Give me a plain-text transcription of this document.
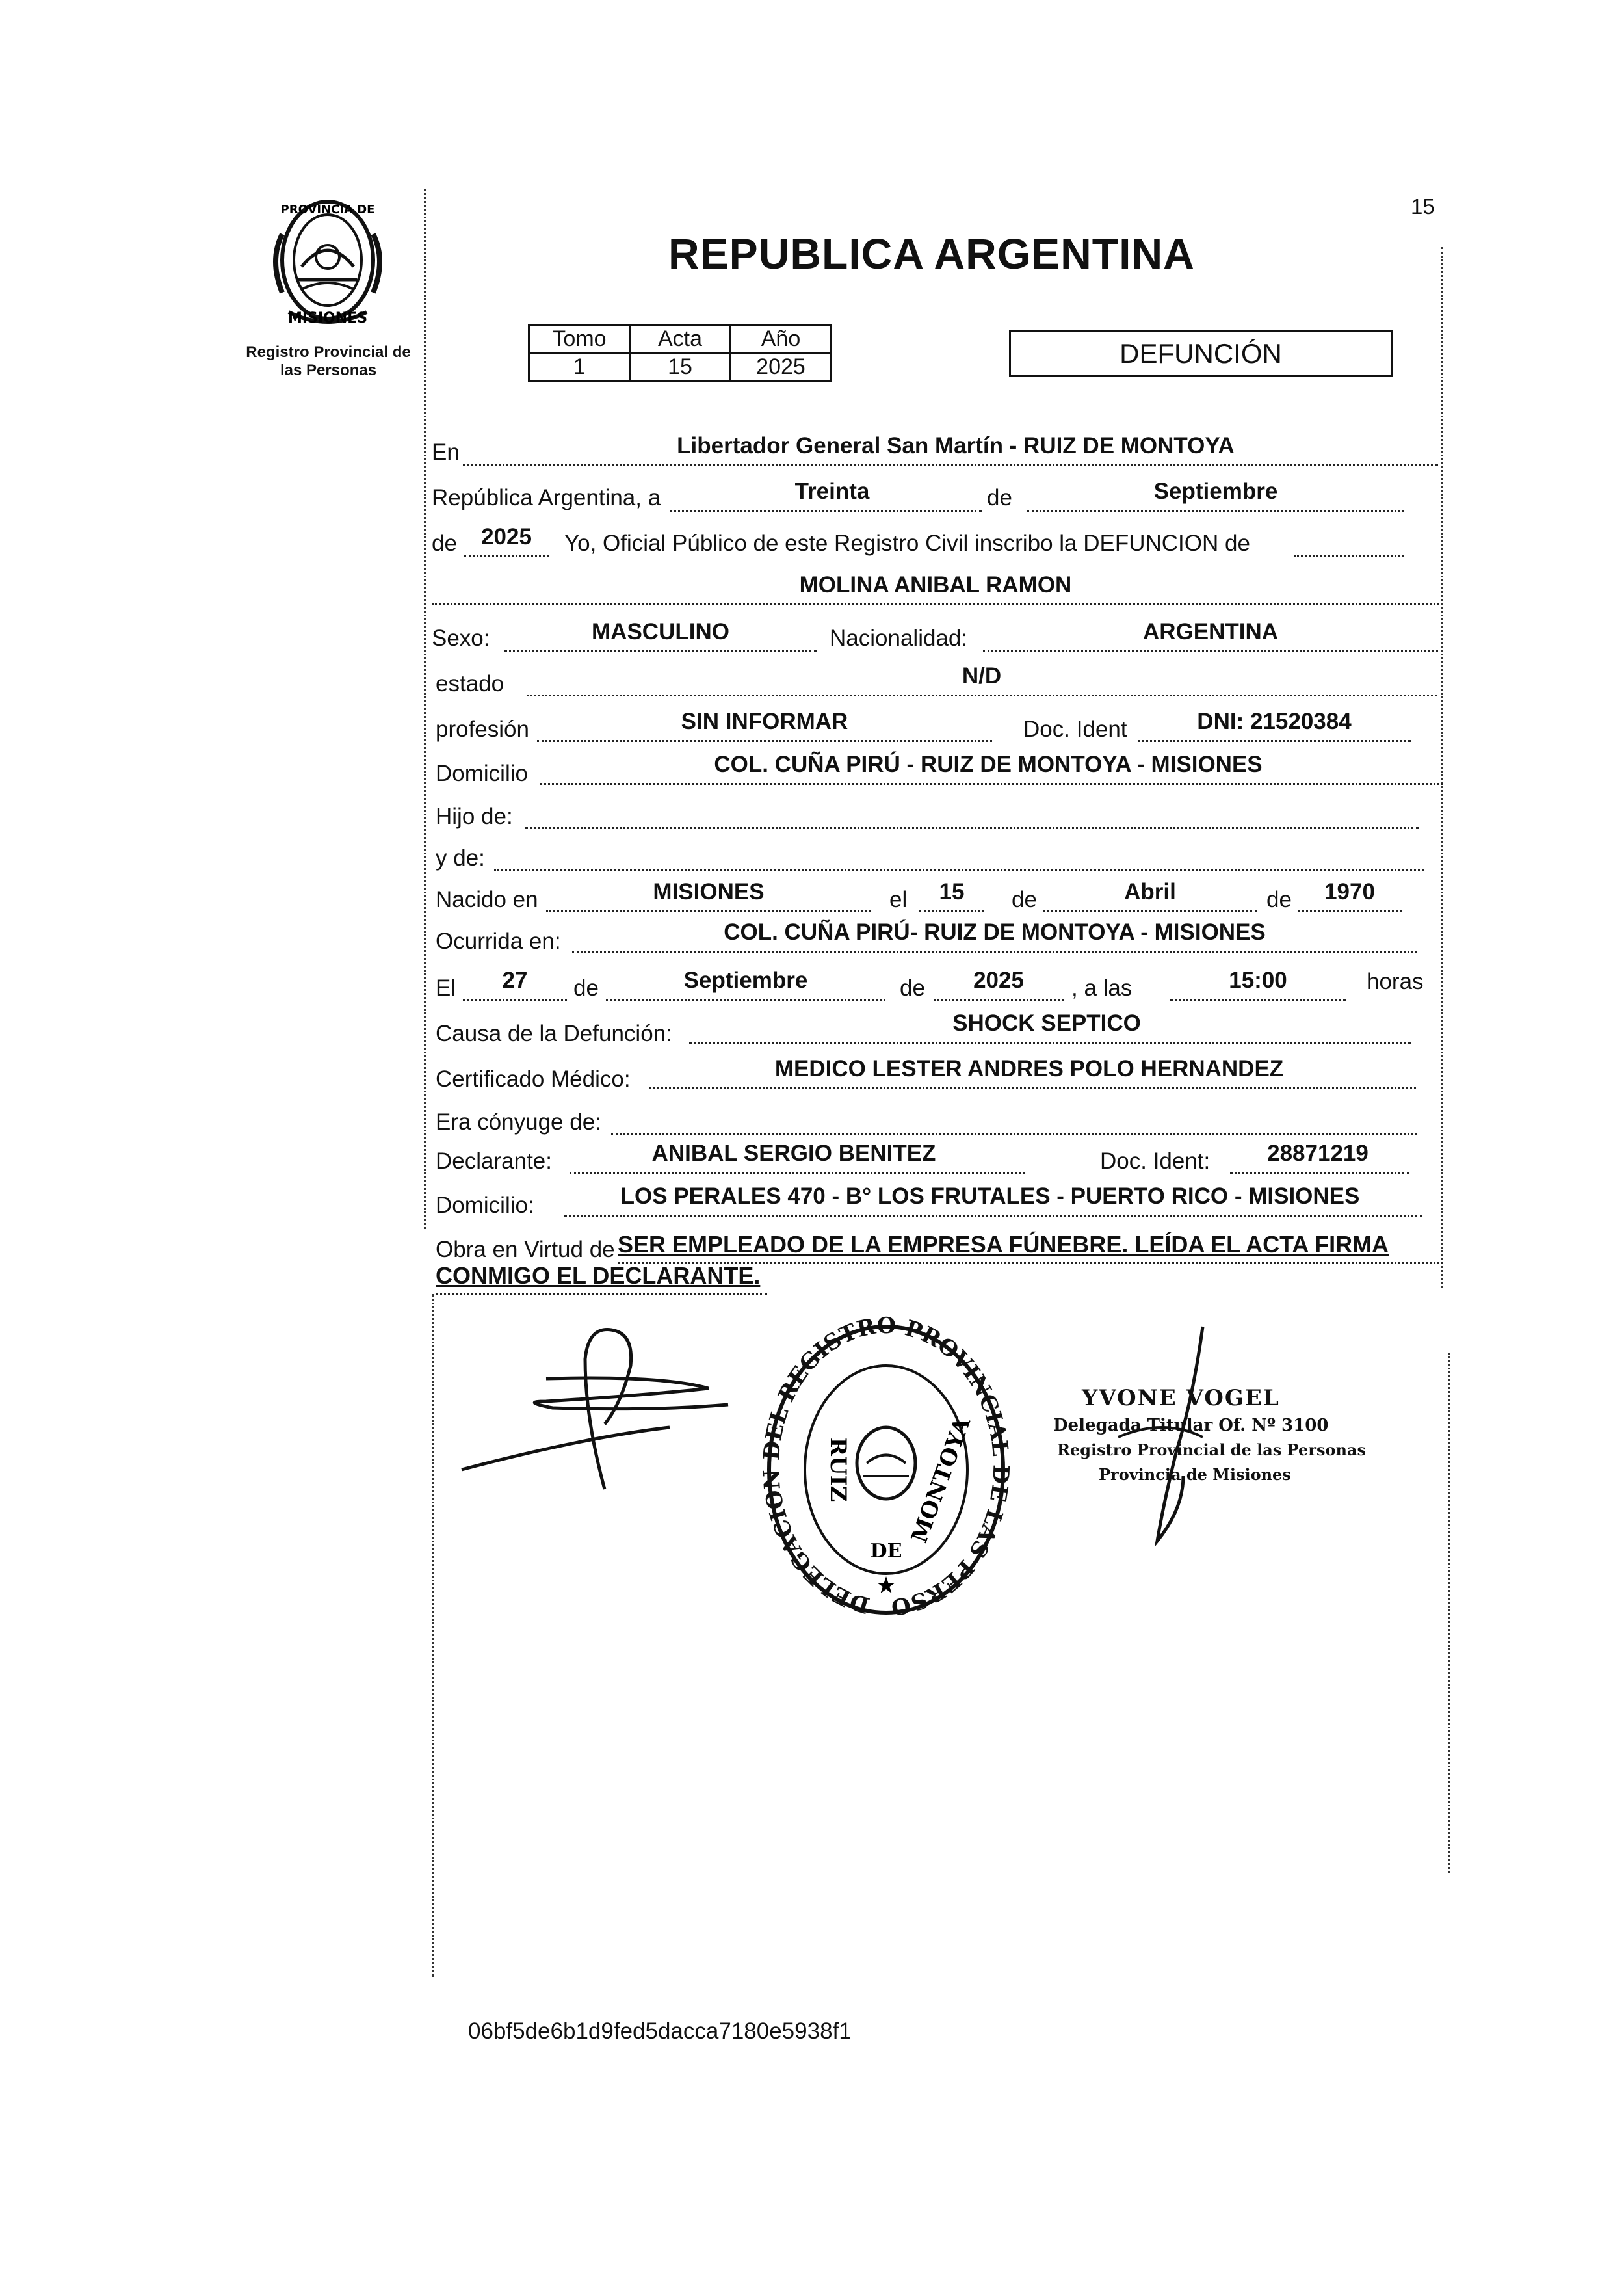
15
PROVINCIA DE
MISIONES
Registro Provincial de
las Personas
REPUBLICA ARGENTINA
Tomo	Acta	Año
1	15	2025	DEFUNCIÓN
En	Libertador General San Martín - RUIZ DE MONTOYA
República Argentina, a	Treinta	de	Septiembre
de	2025	Yo, Oficial Público de este Registro Civil inscribo la DEFUNCION de
MOLINA ANIBAL RAMON
Sexo:	MASCULINO	Nacionalidad:	ARGENTINA
estado	N/D
profesión	SIN INFORMAR	Doc. Ident	DNI: 21520384
Domicilio	COL. CUÑA PIRÚ - RUIZ DE MONTOYA - MISIONES
Hijo de:
y de:
Nacido en	MISIONES	el	15	de	Abril	de	1970
Ocurrida en:	COL. CUÑA PIRÚ- RUIZ DE MONTOYA - MISIONES
El	27	de	Septiembre	de	2025	, a las	15:00	horas
Causa de la Defunción:	SHOCK SEPTICO
Certificado Médico:	MEDICO LESTER ANDRES POLO HERNANDEZ
Era cónyuge de:
Declarante:	ANIBAL SERGIO BENITEZ	Doc. Ident:	28871219
Domicilio:	LOS PERALES 470 - B° LOS FRUTALES - PUERTO RICO - MISIONES
Obra en Virtud de SER EMPLEADO DE LA EMPRESA FÚNEBRE. LEÍDA EL ACTA FIRMA
CONMIGO EL DECLARANTE.
DELEGACION DEL REGISTRO PROVINCIAL DE LAS PERSO
RUIZ
DE
MONTOYA
★
YVONE VOGEL
Delegada Titular Of. Nº 3100
Registro Provincial de las Personas
Provincia de Misiones
06bf5de6b1d9fed5dacca7180e5938f1
